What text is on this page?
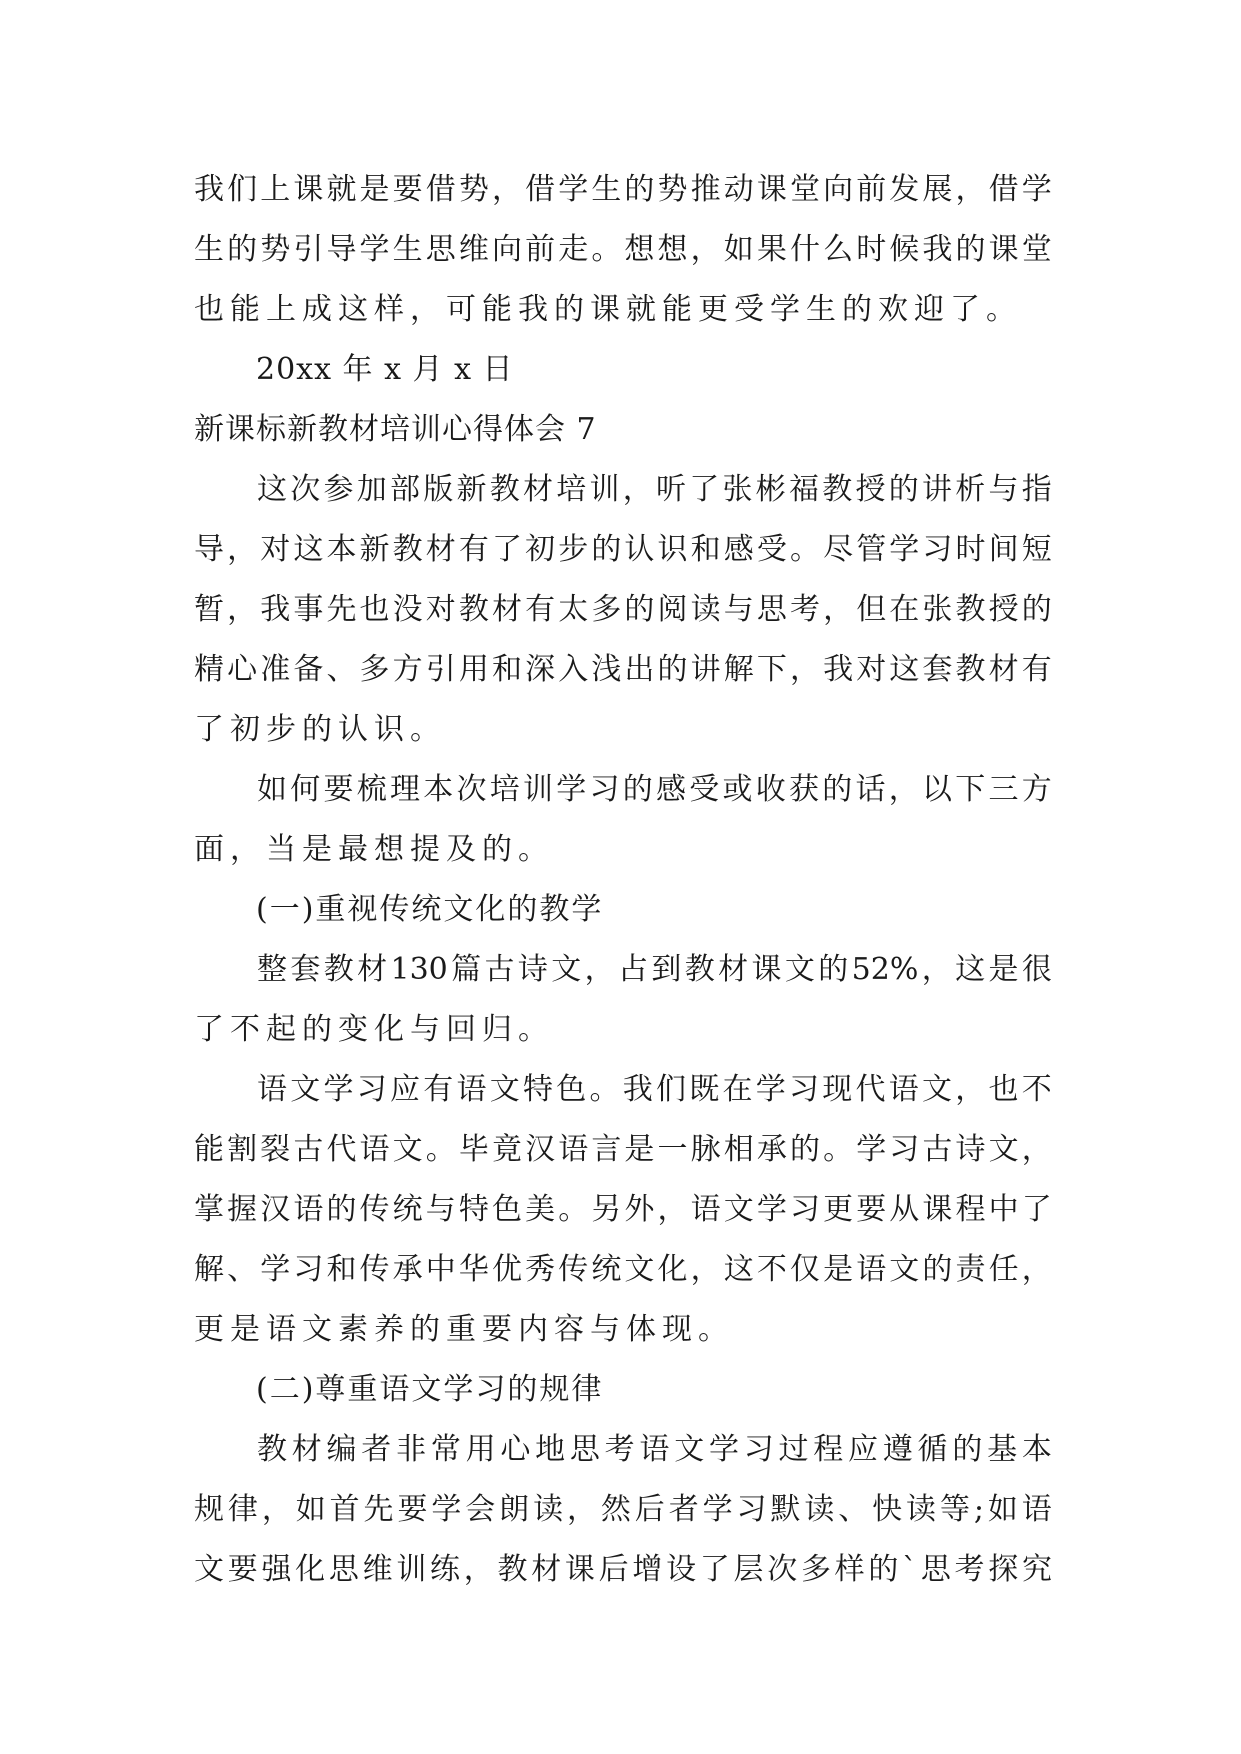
我 们 上 课 就 是 要 借 势 ， 借 学 生 的 势 推 动 课 堂 向 前 发 展 ， 借 学
生 的 势 引 导 学 生 思 维 向 前 走 。 想 想 ， 如 果 什 么 时 候 我 的 课 堂
也能上成这样，可能我的课就能更受学生的欢迎了。
20xx 年 x 月 x 日
新课标新教材培训心得体会 7
这 次 参 加 部 版 新 教 材 培 训 ， 听 了 张 彬 福 教 授 的 讲 析 与 指
导 ， 对 这 本 新 教 材 有 了 初 步 的 认 识 和 感 受 。 尽 管 学 习 时 间 短
暂 ， 我 事 先 也 没 对 教 材 有 太 多 的 阅 读 与 思 考 ， 但 在 张 教 授 的
精 心 准 备 、 多 方 引 用 和 深 入 浅 出 的 讲 解 下 ， 我 对 这 套 教 材 有
了初步的认识。
如 何 要 梳 理 本 次 培 训 学 习 的 感 受 或 收 获 的 话 ， 以 下 三 方
面，当是最想提及的。
(一)重视传统文化的教学
整 套 教 材 130 篇 古 诗 文 ， 占 到 教 材 课 文 的 52% ， 这 是 很
了不起的变化与回归。
语 文 学 习 应 有 语 文 特 色 。 我 们 既 在 学 习 现 代 语 文 ， 也 不
能 割 裂 古 代 语 文 。 毕 竟 汉 语 言 是 一 脉 相 承 的 。 学 习 古 诗 文 ，
掌 握 汉 语 的 传 统 与 特 色 美 。 另 外 ， 语 文 学 习 更 要 从 课 程 中 了
解 、 学 习 和 传 承 中 华 优 秀 传 统 文 化 ， 这 不 仅 是 语 文 的 责 任 ，
更是语文素养的重要内容与体现。
(二)尊重语文学习的规律
教 材 编 者 非 常 用 心 地 思 考 语 文 学 习 过 程 应 遵 循 的 基 本
规 律 ， 如 首 先 要 学 会 朗 读 ， 然 后 者 学 习 默 读 、 快 读 等 ; 如 语
文 要 强 化 思 维 训 练 ， 教 材 课 后 增 设 了 层 次 多 样 的 ` 思 考 探 究
